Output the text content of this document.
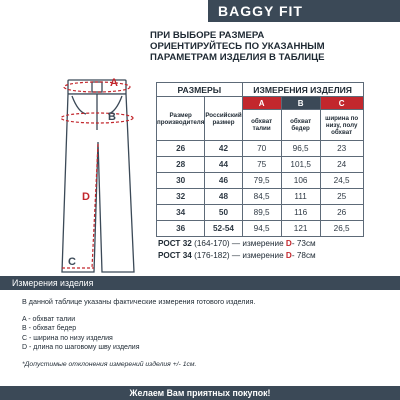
BAGGY FIT
ПРИ ВЫБОРЕ РАЗМЕРА
ОРИЕНТИРУЙТЕСЬ ПО УКАЗАННЫМ
ПАРАМЕТРАМ ИЗДЕЛИЯ В ТАБЛИЦЕ
A
B
C
D
РАЗМЕРЫ		ИЗМЕРЕНИЯ ИЗДЕЛИЯ		
Размер производителя	Российский размер	A	B	C
		обхват талии	обхват бедер	ширина по низу, полу обхват
26	42	70	96,5	23
28	44	75	101,5	24
30	46	79,5	106	24,5
32	48	84,5	111	25
34	50	89,5	116	26
36	52-54	94,5	121	26,5
РОСТ 32 (164-170) — измерение D- 73см
РОСТ 34 (176-182) — измерение D- 78см
Измерения изделия
В данной таблице указаны фактические измерения готового изделия.
A - обхват талии
B - обхват бедер
C - ширина по низу изделия
D - длина по шаговому шву изделия
*Допустимые отклонения измерений изделия +/- 1см.
Желаем Вам приятных покупок!
